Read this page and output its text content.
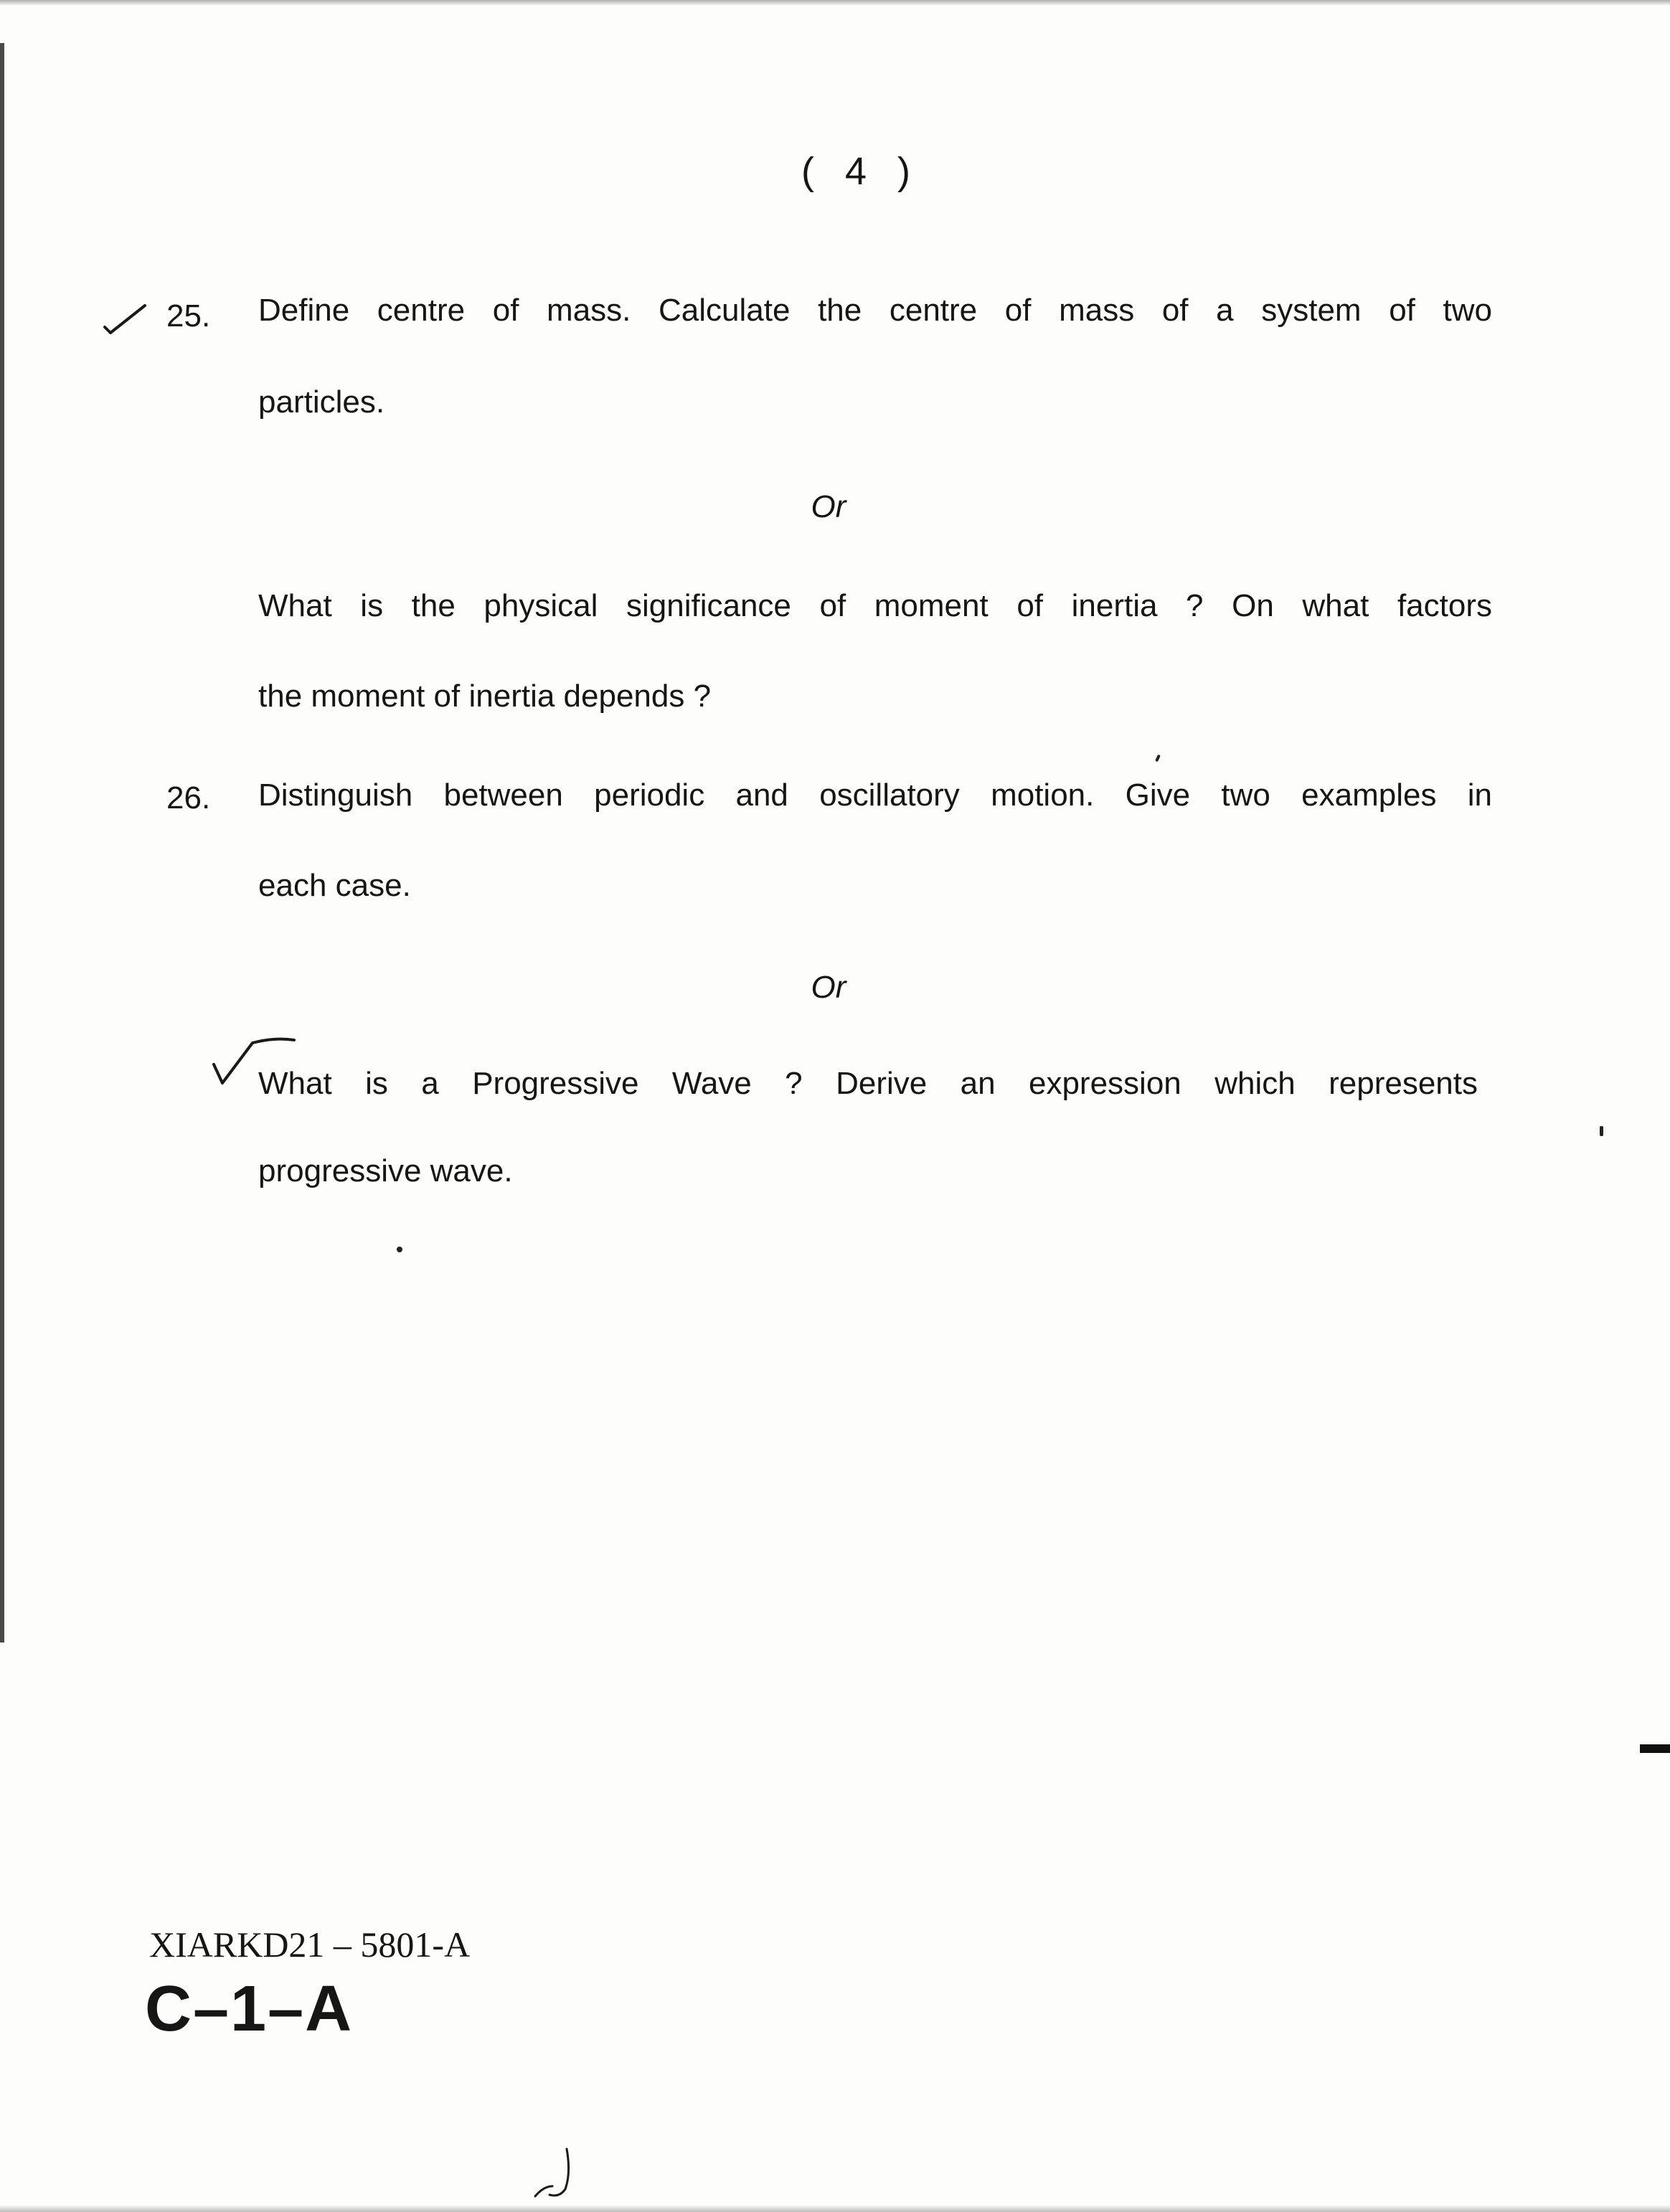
( 4 )
25. Define centre of mass. Calculate the centre of mass of a system of two
particles.
Or
What is the physical significance of moment of inertia ? On what factors
the moment of inertia depends ?
26. Distinguish between periodic and oscillatory motion. Give two examples in
each case.
Or
What is a Progressive Wave ? Derive an expression which represents
progressive wave.
XIARKD21 – 5801-A
C–1–A
